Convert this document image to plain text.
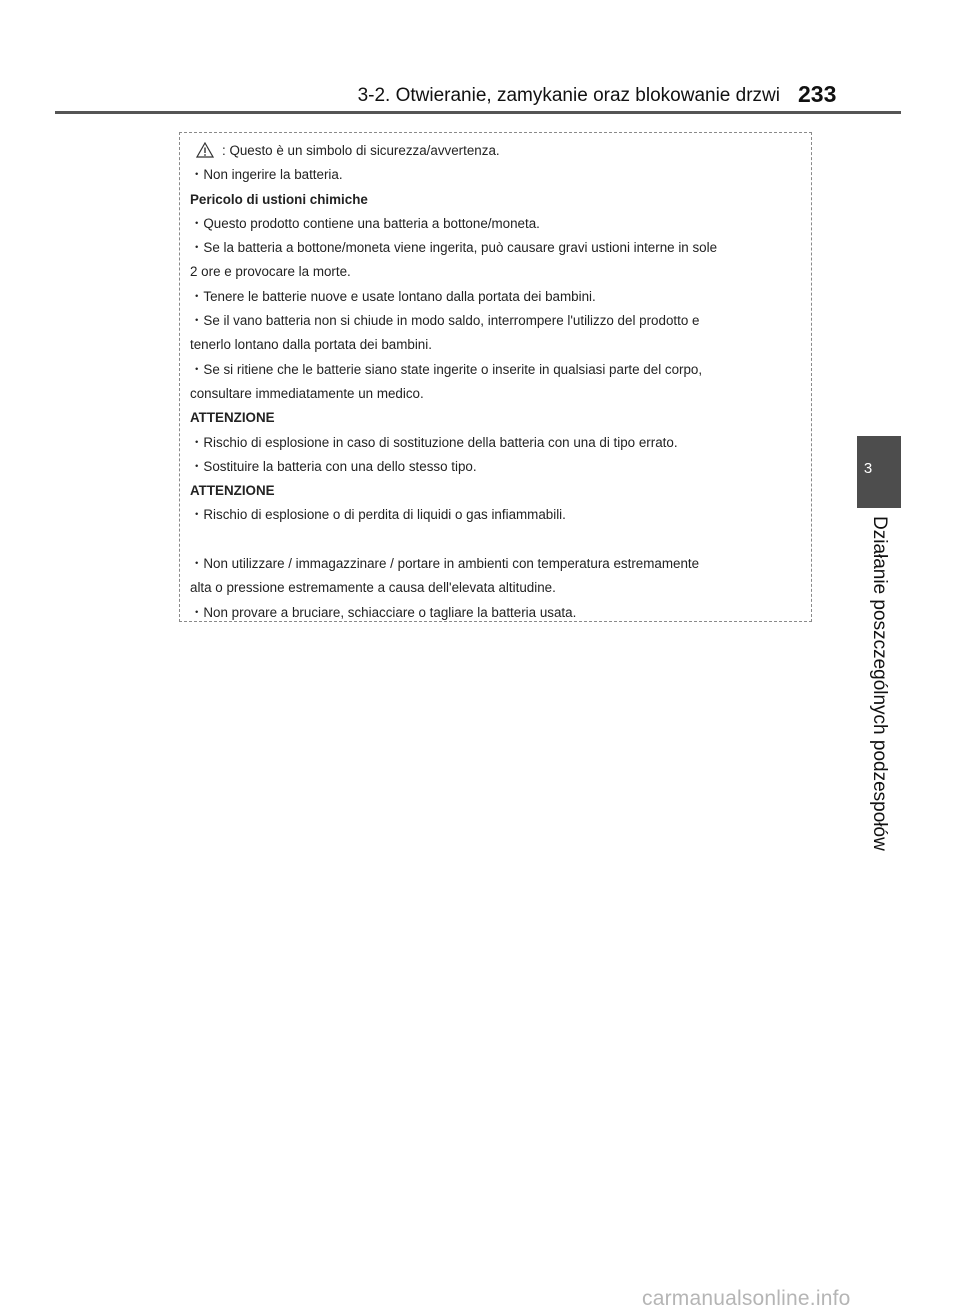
3-2. Otwieranie, zamykanie oraz blokowanie drzwi 233
3
Działanie poszczególnych podzespołów
: Questo è un simbolo di sicurezza/avvertenza.
・Non ingerire la batteria.
Pericolo di ustioni chimiche
・Questo prodotto contiene una batteria a bottone/moneta.
・Se la batteria a bottone/moneta viene ingerita, può causare gravi ustioni interne in sole
2 ore e provocare la morte.
・Tenere le batterie nuove e usate lontano dalla portata dei bambini.
・Se il vano batteria non si chiude in modo saldo, interrompere l'utilizzo del prodotto e
tenerlo lontano dalla portata dei bambini.
・Se si ritiene che le batterie siano state ingerite o inserite in qualsiasi parte del corpo,
consultare immediatamente un medico.
ATTENZIONE
・Rischio di esplosione in caso di sostituzione della batteria con una di tipo errato.
・Sostituire la batteria con una dello stesso tipo.
ATTENZIONE
・Rischio di esplosione o di perdita di liquidi o gas infiammabili.
・Non utilizzare / immagazzinare / portare in ambienti con temperatura estremamente
alta o pressione estremamente a causa dell'elevata altitudine.
・Non provare a bruciare, schiacciare o tagliare la batteria usata.
carmanualsonline.info
